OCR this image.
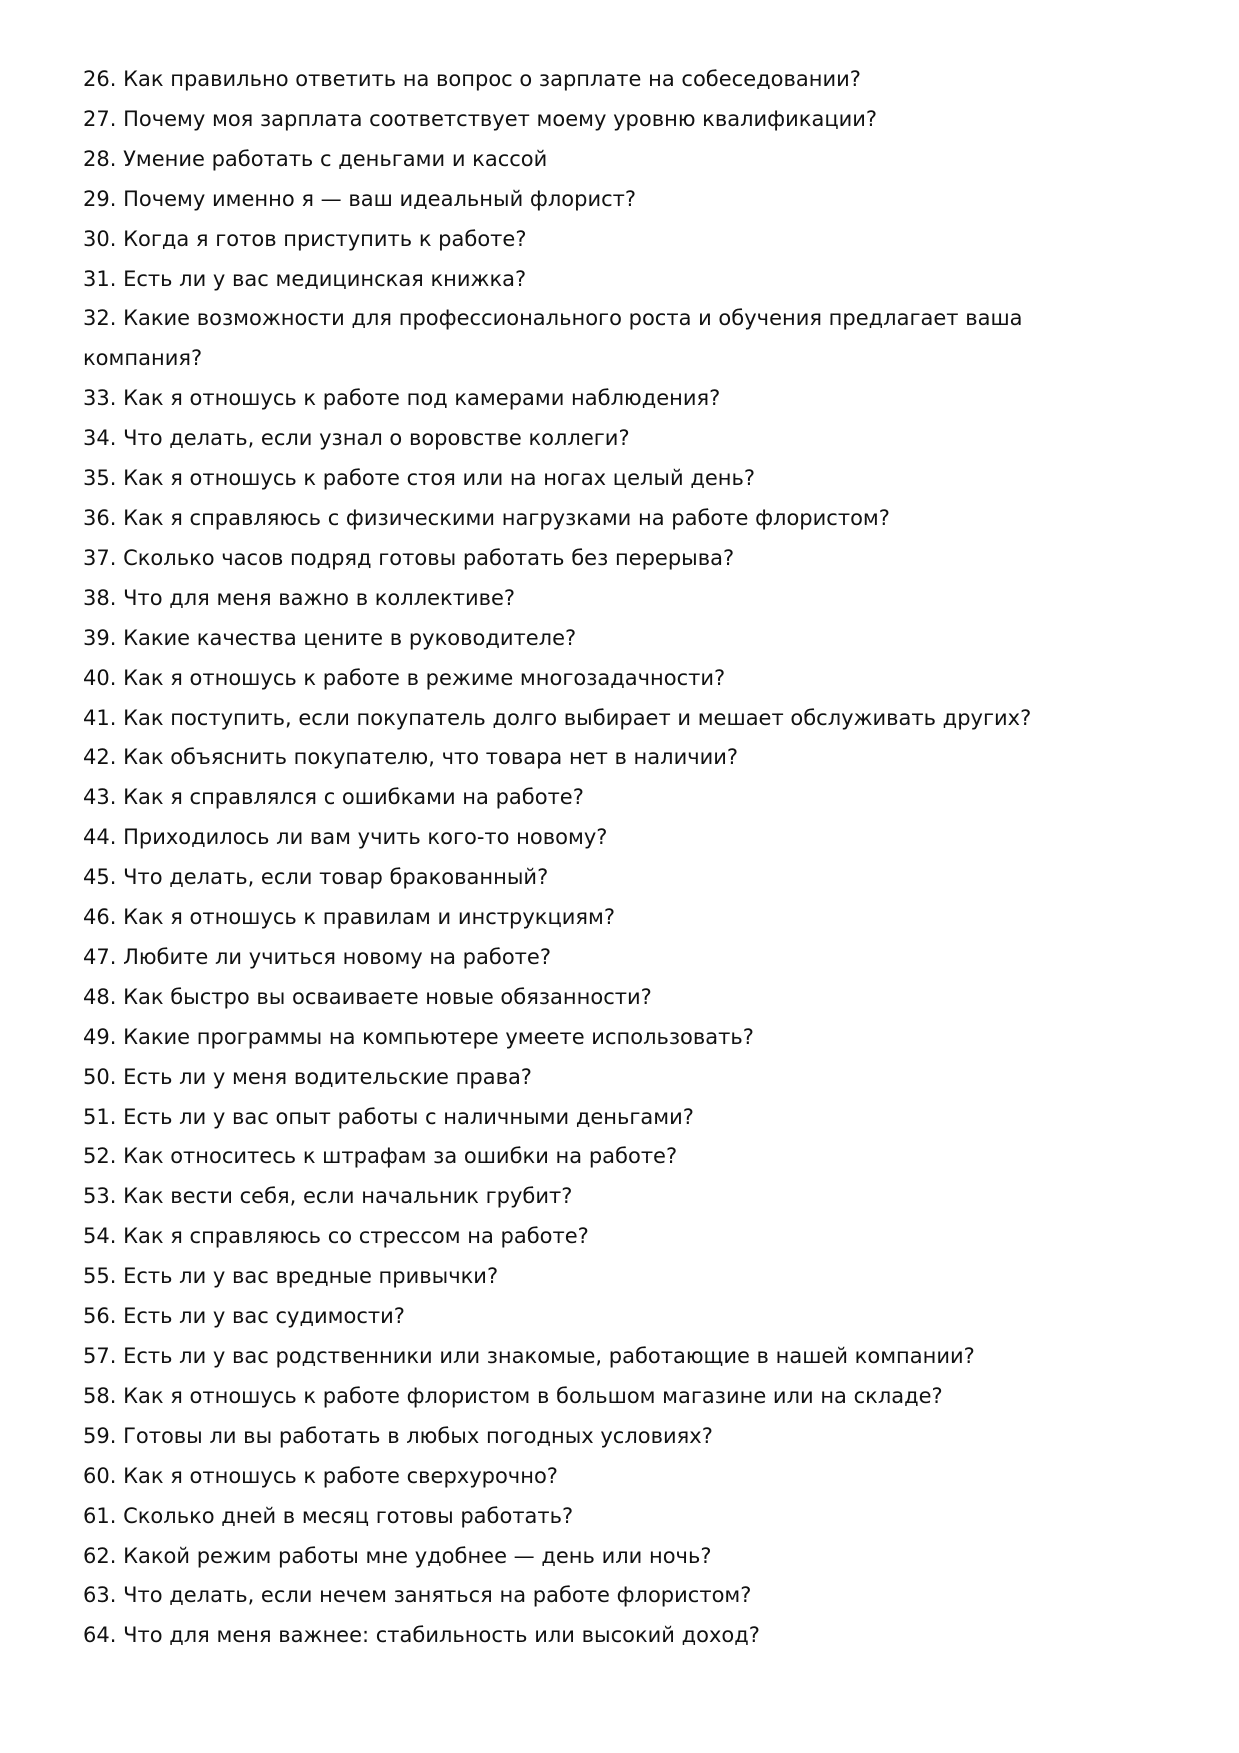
26. Как правильно ответить на вопрос о зарплате на собеседовании?
27. Почему моя зарплата соответствует моему уровню квалификации?
28. Умение работать с деньгами и кассой
29. Почему именно я — ваш идеальный флорист?
30. Когда я готов приступить к работе?
31. Есть ли у вас медицинская книжка?
32. Какие возможности для профессионального роста и обучения предлагает ваша компания?
33. Как я отношусь к работе под камерами наблюдения?
34. Что делать, если узнал о воровстве коллеги?
35. Как я отношусь к работе стоя или на ногах целый день?
36. Как я справляюсь с физическими нагрузками на работе флористом?
37. Сколько часов подряд готовы работать без перерыва?
38. Что для меня важно в коллективе?
39. Какие качества цените в руководителе?
40. Как я отношусь к работе в режиме многозадачности?
41. Как поступить, если покупатель долго выбирает и мешает обслуживать других?
42. Как объяснить покупателю, что товара нет в наличии?
43. Как я справлялся с ошибками на работе?
44. Приходилось ли вам учить кого-то новому?
45. Что делать, если товар бракованный?
46. Как я отношусь к правилам и инструкциям?
47. Любите ли учиться новому на работе?
48. Как быстро вы осваиваете новые обязанности?
49. Какие программы на компьютере умеете использовать?
50. Есть ли у меня водительские права?
51. Есть ли у вас опыт работы с наличными деньгами?
52. Как относитесь к штрафам за ошибки на работе?
53. Как вести себя, если начальник грубит?
54. Как я справляюсь со стрессом на работе?
55. Есть ли у вас вредные привычки?
56. Есть ли у вас судимости?
57. Есть ли у вас родственники или знакомые, работающие в нашей компании?
58. Как я отношусь к работе флористом в большом магазине или на складе?
59. Готовы ли вы работать в любых погодных условиях?
60. Как я отношусь к работе сверхурочно?
61. Сколько дней в месяц готовы работать?
62. Какой режим работы мне удобнее — день или ночь?
63. Что делать, если нечем заняться на работе флористом?
64. Что для меня важнее: стабильность или высокий доход?
